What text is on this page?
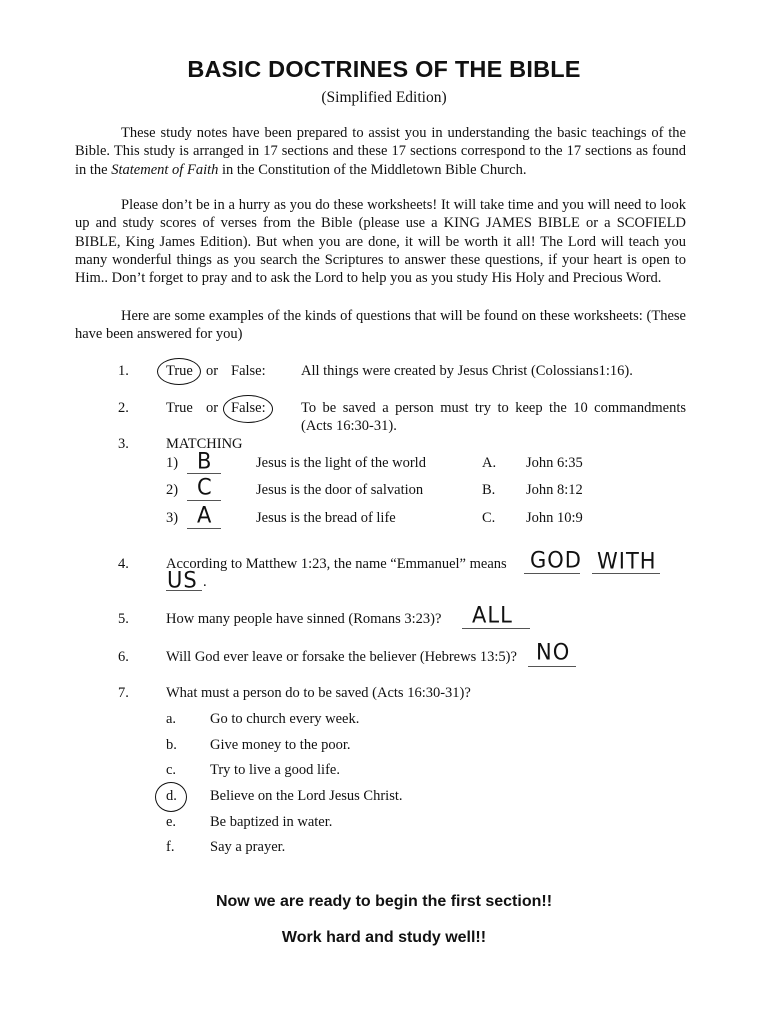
BASIC DOCTRINES OF THE BIBLE
(Simplified Edition)
These study notes have been prepared to assist you in understanding the basic teachings of the Bible. This study is arranged in 17 sections and these 17 sections correspond to the 17 sections as found in the Statement of Faith in the Constitution of the Middletown Bible Church.
Please don’t be in a hurry as you do these worksheets! It will take time and you will need to look up and study scores of verses from the Bible (please use a KING JAMES BIBLE or a SCOFIELD BIBLE, King James Edition). But when you are done, it will be worth it all! The Lord will teach you many wonderful things as you search the Scriptures to answer these questions, if your heart is open to Him.. Don’t forget to pray and to ask the Lord to help you as you study His Holy and Precious Word.
Here are some examples of the kinds of questions that will be found on these worksheets: (These have been answered for you)
1.	True or False: All things were created by Jesus Christ (Colossians1:16).
2.	True or False: To be saved a person must try to keep the 10 commandments
(Acts 16:30-31).
3.	MATCHING
1) B	Jesus is the light of the world	A. John 6:35
2) C	Jesus is the door of salvation	B. John 8:12
3) A	Jesus is the bread of life	C. John 10:9
4.	According to Matthew 1:23, the name “Emmanuel” means GOD WITH
US .
5.	How many people have sinned (Romans 3:23)? ALL
6.	Will God ever leave or forsake the believer (Hebrews 13:5)? NO
7.	What must a person do to be saved (Acts 16:30-31)?
a. Go to church every week.
b. Give money to the poor.
c. Try to live a good life.
d. Believe on the Lord Jesus Christ.
e. Be baptized in water.
f. Say a prayer.
Now we are ready to begin the first section!!
Work hard and study well!!
